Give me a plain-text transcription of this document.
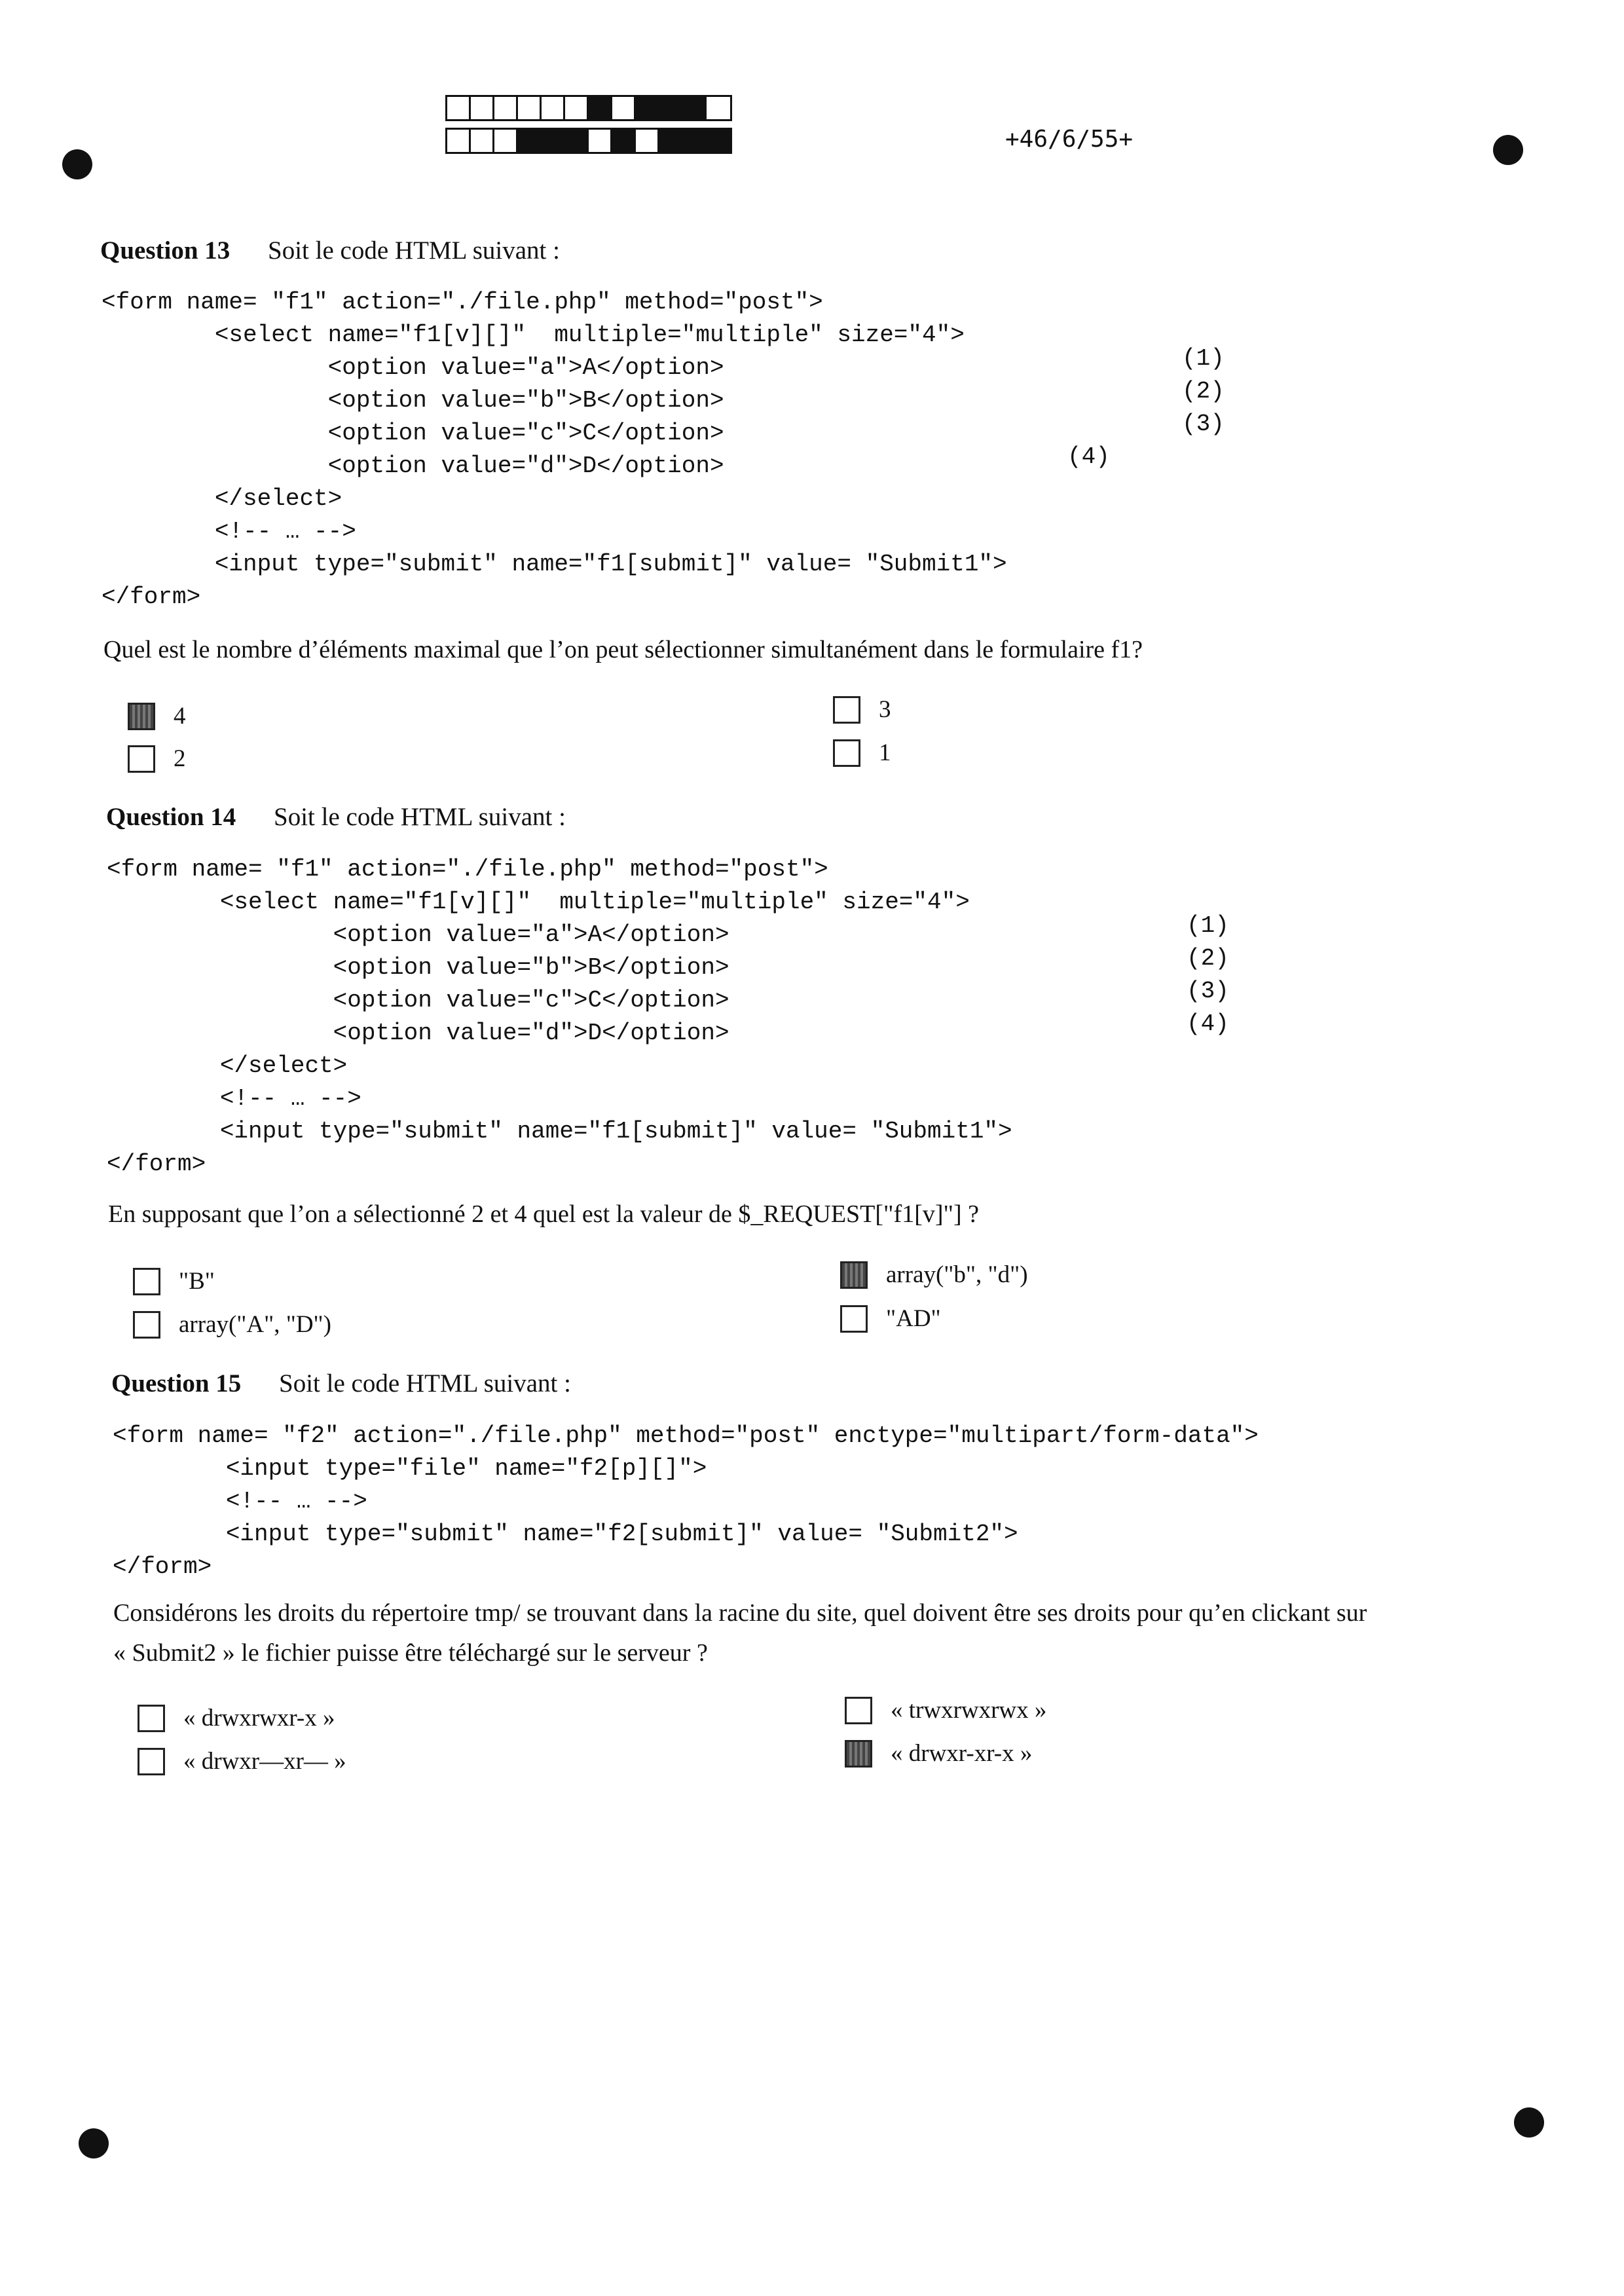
+46/6/55+
Question 13 Soit le code HTML suivant :
<form name= "f1" action="./file.php" method="post">
<select name="f1[v][]"  multiple="multiple" size="4">
<option value="a">A</option>
<option value="b">B</option>
<option value="c">C</option>
<option value="d">D</option>
</select>
<!-- … -->
<input type="submit" name="f1[submit]" value= "Submit1">
</form>
(1)
(2)
(3)
(4)

Quel est le nombre d’éléments maximal que l’on peut sélectionner simultanément dans le formulaire f1?

4
2
3
1
Question 14 Soit le code HTML suivant :
<form name= "f1" action="./file.php" method="post">
<select name="f1[v][]"  multiple="multiple" size="4">
<option value="a">A</option>
<option value="b">B</option>
<option value="c">C</option>
<option value="d">D</option>
</select>
<!-- … -->
<input type="submit" name="f1[submit]" value= "Submit1">
</form>
(1)
(2)
(3)
(4)

En supposant que l’on a sélectionné 2 et 4 quel est la valeur de $_REQUEST["f1[v]"] ?

"B"
array("A", "D")
array("b", "d")
"AD"
Question 15 Soit le code HTML suivant :
<form name= "f2" action="./file.php" method="post" enctype="multipart/form-data">
<input type="file" name="f2[p][]">
<!-- … -->
<input type="submit" name="f2[submit]" value= "Submit2">
</form>

Considérons les droits du répertoire tmp/ se trouvant dans la racine du site, quel doivent être ses droits pour qu’en clickant sur

« Submit2 » le fichier puisse être téléchargé sur le serveur ?

« drwxrwxr-x »
« drwxr—xr— »
« trwxrwxrwx »
« drwxr-xr-x »
